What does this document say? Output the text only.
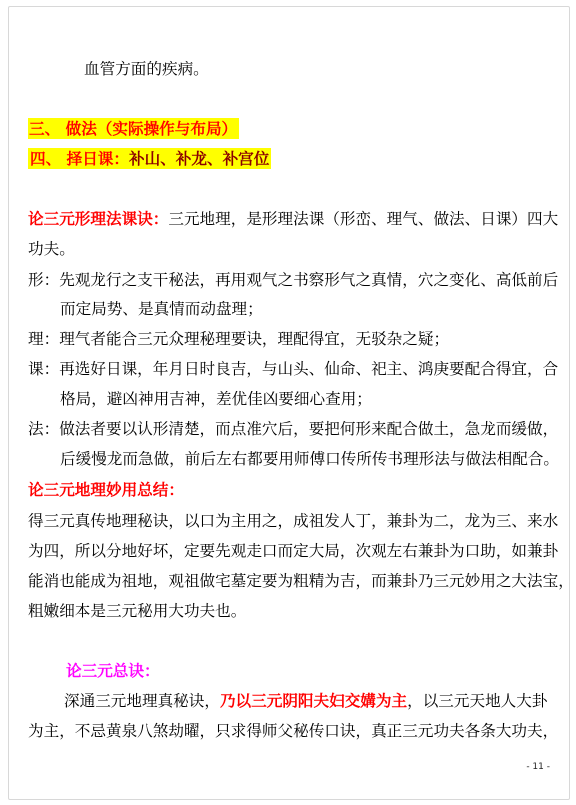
血管方面的疾病。
三、 做法（实际操作与布局）
四、 择日课：补山、补龙、补宫位
论三元形理法课诀：三元地理，是形理法课（形峦、理气、做法、日课）四大
功夫。
形：先观龙行之支干秘法，再用观气之书察形气之真情，穴之变化、高低前后
而定局势、是真情而动盘理；
理：理气者能合三元众理秘理要诀，理配得宜，无驳杂之疑；
课：再选好日课，年月日时良吉，与山头、仙命、祀主、鸿庚要配合得宜，合
格局，避凶神用吉神，差优佳凶要细心查用；
法：做法者要以认形清楚，而点准穴后，要把何形来配合做土，急龙而缓做，
后缓慢龙而急做，前后左右都要用师傅口传所传书理形法与做法相配合。
论三元地理妙用总结：
得三元真传地理秘诀，以口为主用之，成祖发人丁，兼卦为二，龙为三、来水
为四，所以分地好坏，定要先观走口而定大局，次观左右兼卦为口助，如兼卦
能消也能成为祖地，观祖做宅墓定要为粗精为吉，而兼卦乃三元妙用之大法宝，
粗嫩细本是三元秘用大功夫也。
论三元总诀：
深通三元地理真秘诀，乃以三元阴阳夫妇交媾为主，以三元天地人大卦
为主，不忌黄泉八煞劫曜，只求得师父秘传口诀，真正三元功夫各条大功夫，
- 11 -
